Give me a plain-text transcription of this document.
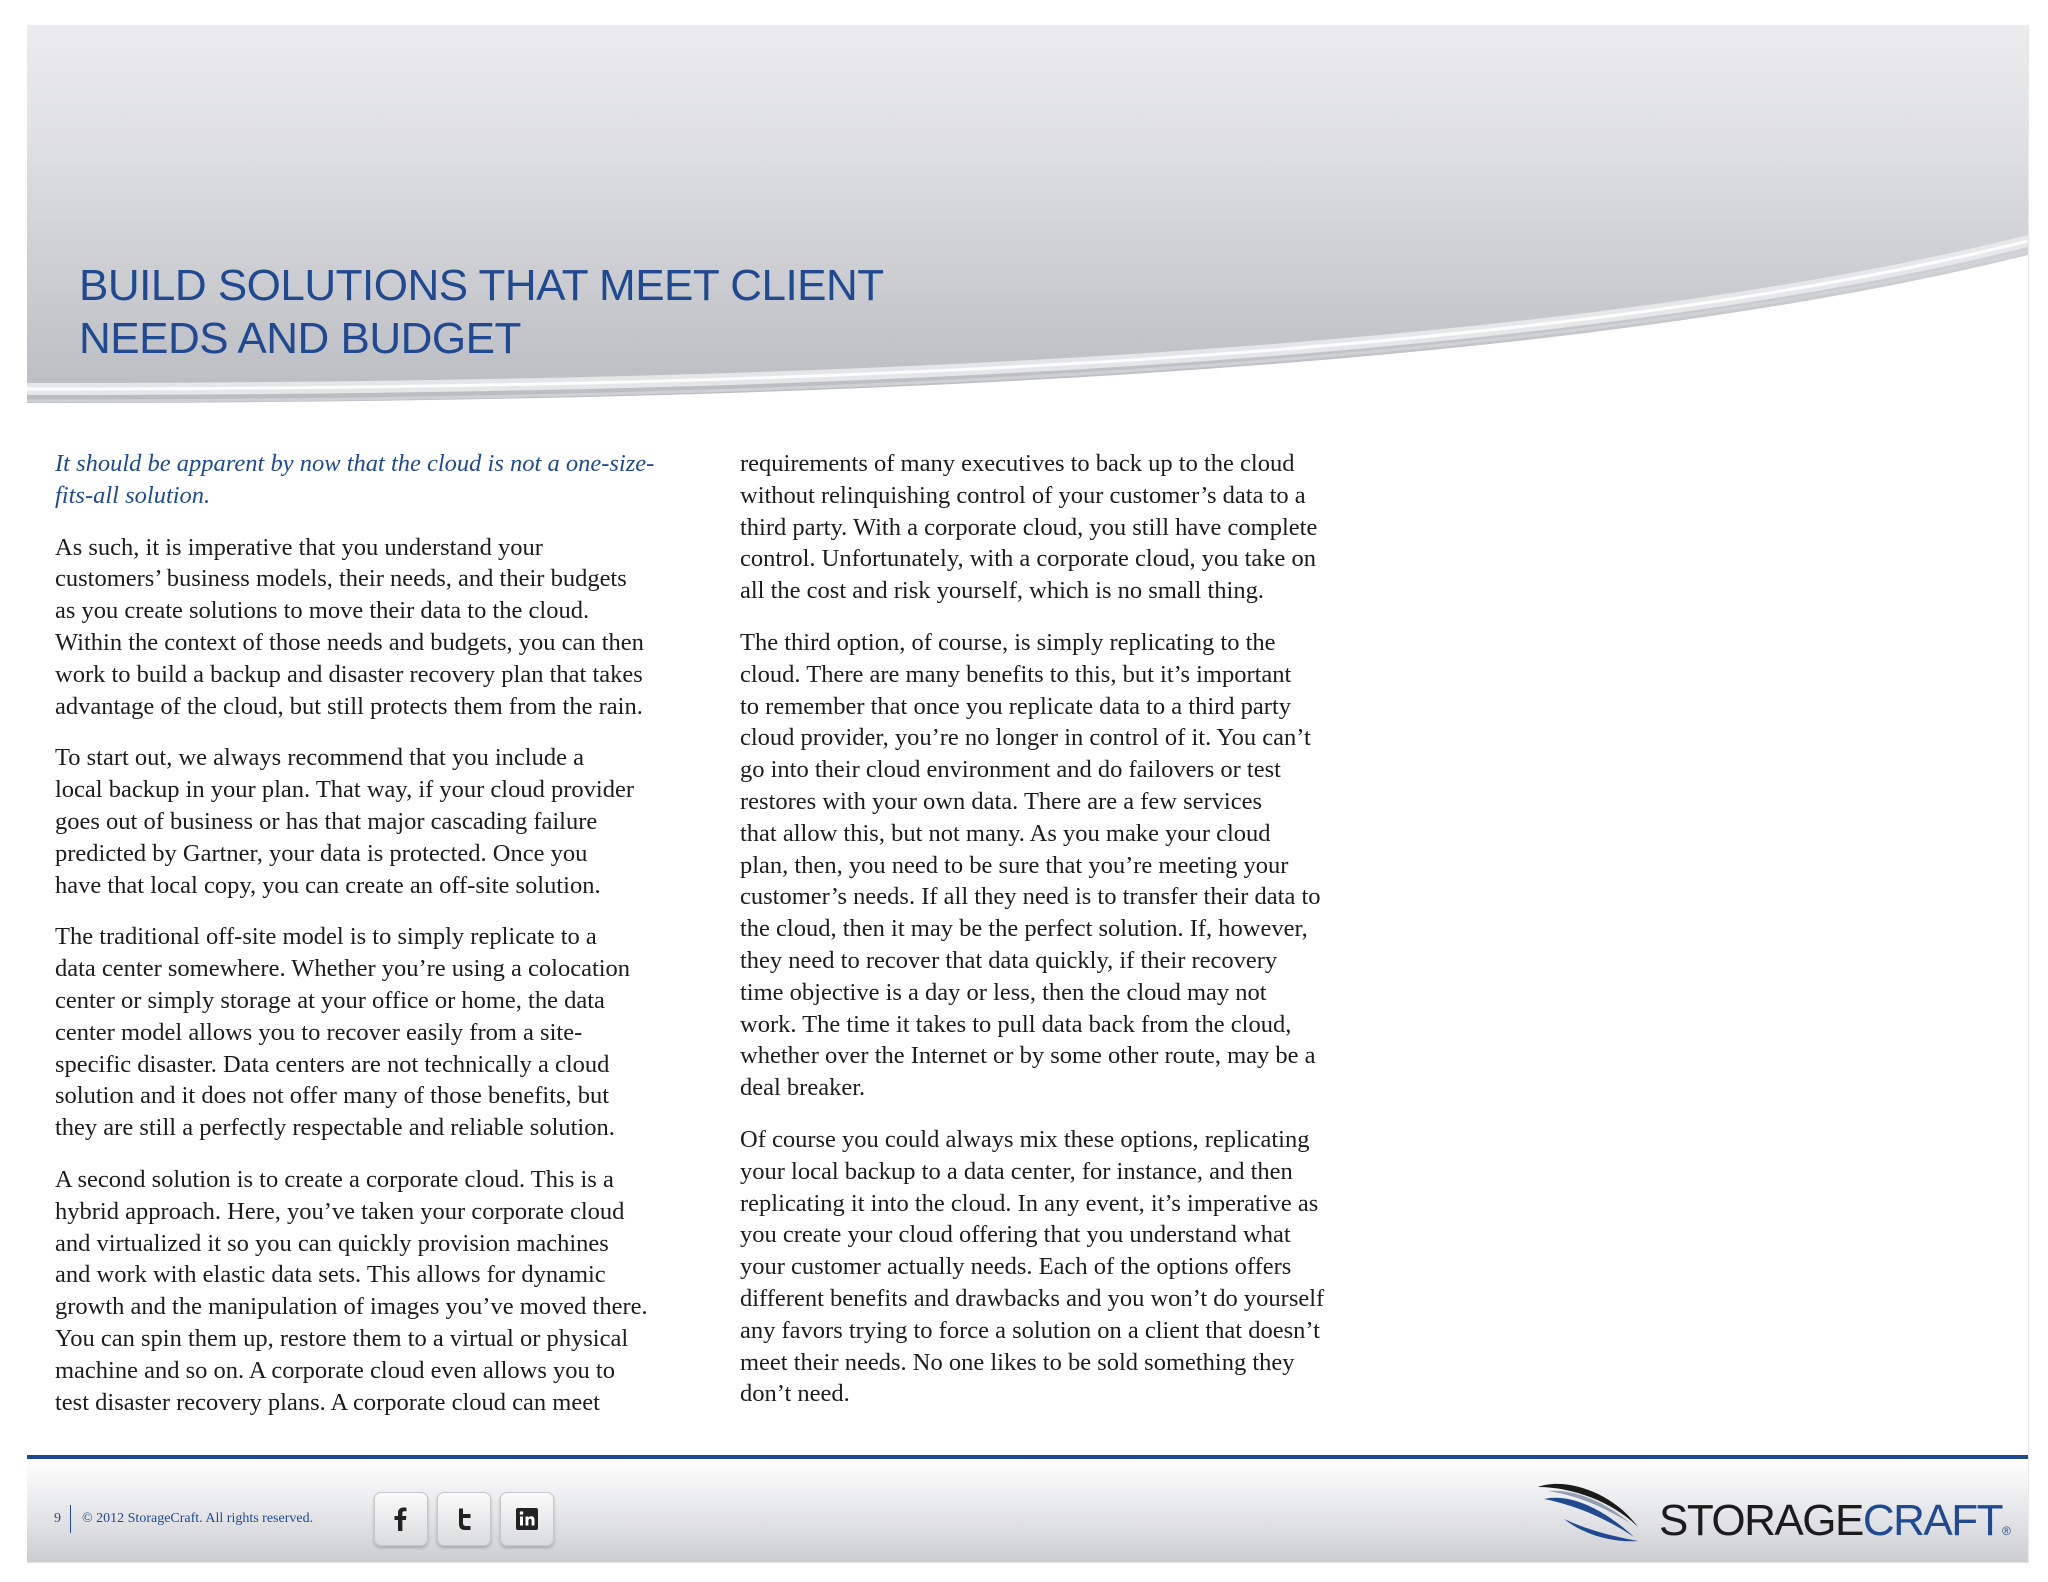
BUILD SOLUTIONS THAT MEET CLIENT
NEEDS AND BUDGET

It should be apparent by now that the cloud is not a one-size-
fits-all solution.

As such, it is imperative that you understand your
customers’ business models, their needs, and their budgets
as you create solutions to move their data to the cloud.
Within the context of those needs and budgets, you can then
work to build a backup and disaster recovery plan that takes
advantage of the cloud, but still protects them from the rain.

To start out, we always recommend that you include a
local backup in your plan. That way, if your cloud provider
goes out of business or has that major cascading failure
predicted by Gartner, your data is protected. Once you
have that local copy, you can create an off-site solution.

The traditional off-site model is to simply replicate to a
data center somewhere. Whether you’re using a colocation
center or simply storage at your office or home, the data
center model allows you to recover easily from a site-
specific disaster. Data centers are not technically a cloud
solution and it does not offer many of those benefits, but
they are still a perfectly respectable and reliable solution.

A second solution is to create a corporate cloud. This is a
hybrid approach. Here, you’ve taken your corporate cloud
and virtualized it so you can quickly provision machines
and work with elastic data sets. This allows for dynamic
growth and the manipulation of images you’ve moved there.
You can spin them up, restore them to a virtual or physical
machine and so on. A corporate cloud even allows you to
test disaster recovery plans. A corporate cloud can meet

requirements of many executives to back up to the cloud
without relinquishing control of your customer’s data to a
third party. With a corporate cloud, you still have complete
control. Unfortunately, with a corporate cloud, you take on
all the cost and risk yourself, which is no small thing.

The third option, of course, is simply replicating to the
cloud. There are many benefits to this, but it’s important
to remember that once you replicate data to a third party
cloud provider, you’re no longer in control of it. You can’t
go into their cloud environment and do failovers or test
restores with your own data. There are a few services
that allow this, but not many. As you make your cloud
plan, then, you need to be sure that you’re meeting your
customer’s needs. If all they need is to transfer their data to
the cloud, then it may be the perfect solution. If, however,
they need to recover that data quickly, if their recovery
time objective is a day or less, then the cloud may not
work. The time it takes to pull data back from the cloud,
whether over the Internet or by some other route, may be a
deal breaker.

Of course you could always mix these options, replicating
your local backup to a data center, for instance, and then
replicating it into the cloud. In any event, it’s imperative as
you create your cloud offering that you understand what
your customer actually needs. Each of the options offers
different benefits and drawbacks and you won’t do yourself
any favors trying to force a solution on a client that doesn’t
meet their needs. No one likes to be sold something they
don’t need.

9 © 2012 StorageCraft. All rights reserved.	STORAGECRAFT®
